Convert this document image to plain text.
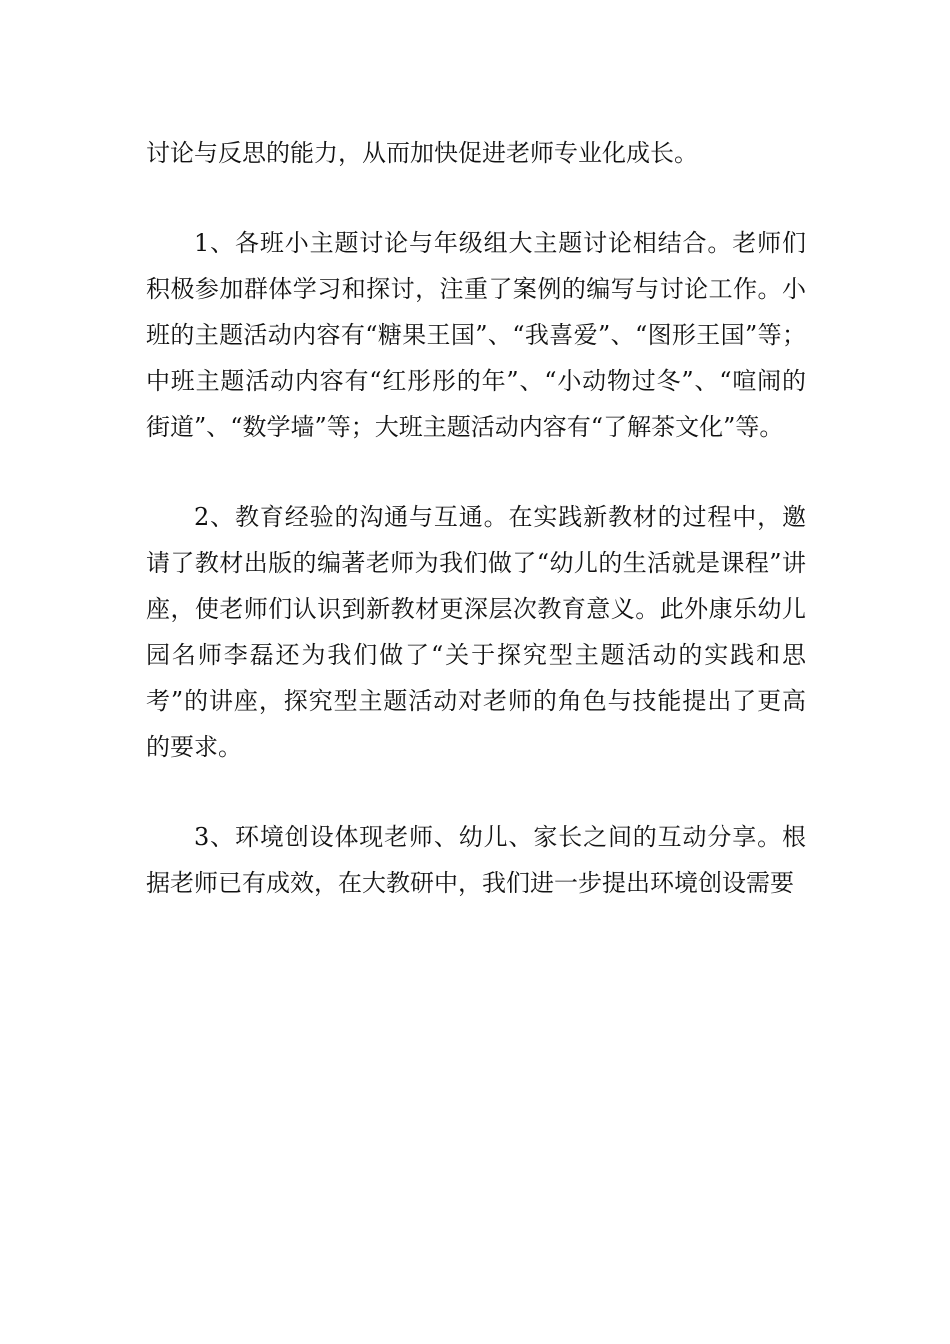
讨论与反思的能力，从而加快促进老师专业化成长。

1、各班小主题讨论与年级组大主题讨论相结合。老师们积极参加群体学习和探讨，注重了案例的编写与讨论工作。小班的主题活动内容有“糖果王国”、“我喜爱”、“图形王国”等；中班主题活动内容有“红彤彤的年”、“小动物过冬”、“喧闹的街道”、“数学墙”等；大班主题活动内容有“了解茶文化”等。

2、教育经验的沟通与互通。在实践新教材的过程中，邀请了教材出版的编著老师为我们做了“幼儿的生活就是课程”讲座，使老师们认识到新教材更深层次教育意义。此外康乐幼儿园名师李磊还为我们做了“关于探究型主题活动的实践和思考”的讲座，探究型主题活动对老师的角色与技能提出了更高的要求。

3、环境创设体现老师、幼儿、家长之间的互动分享。根据老师已有成效，在大教研中，我们进一步提出环境创设需要
